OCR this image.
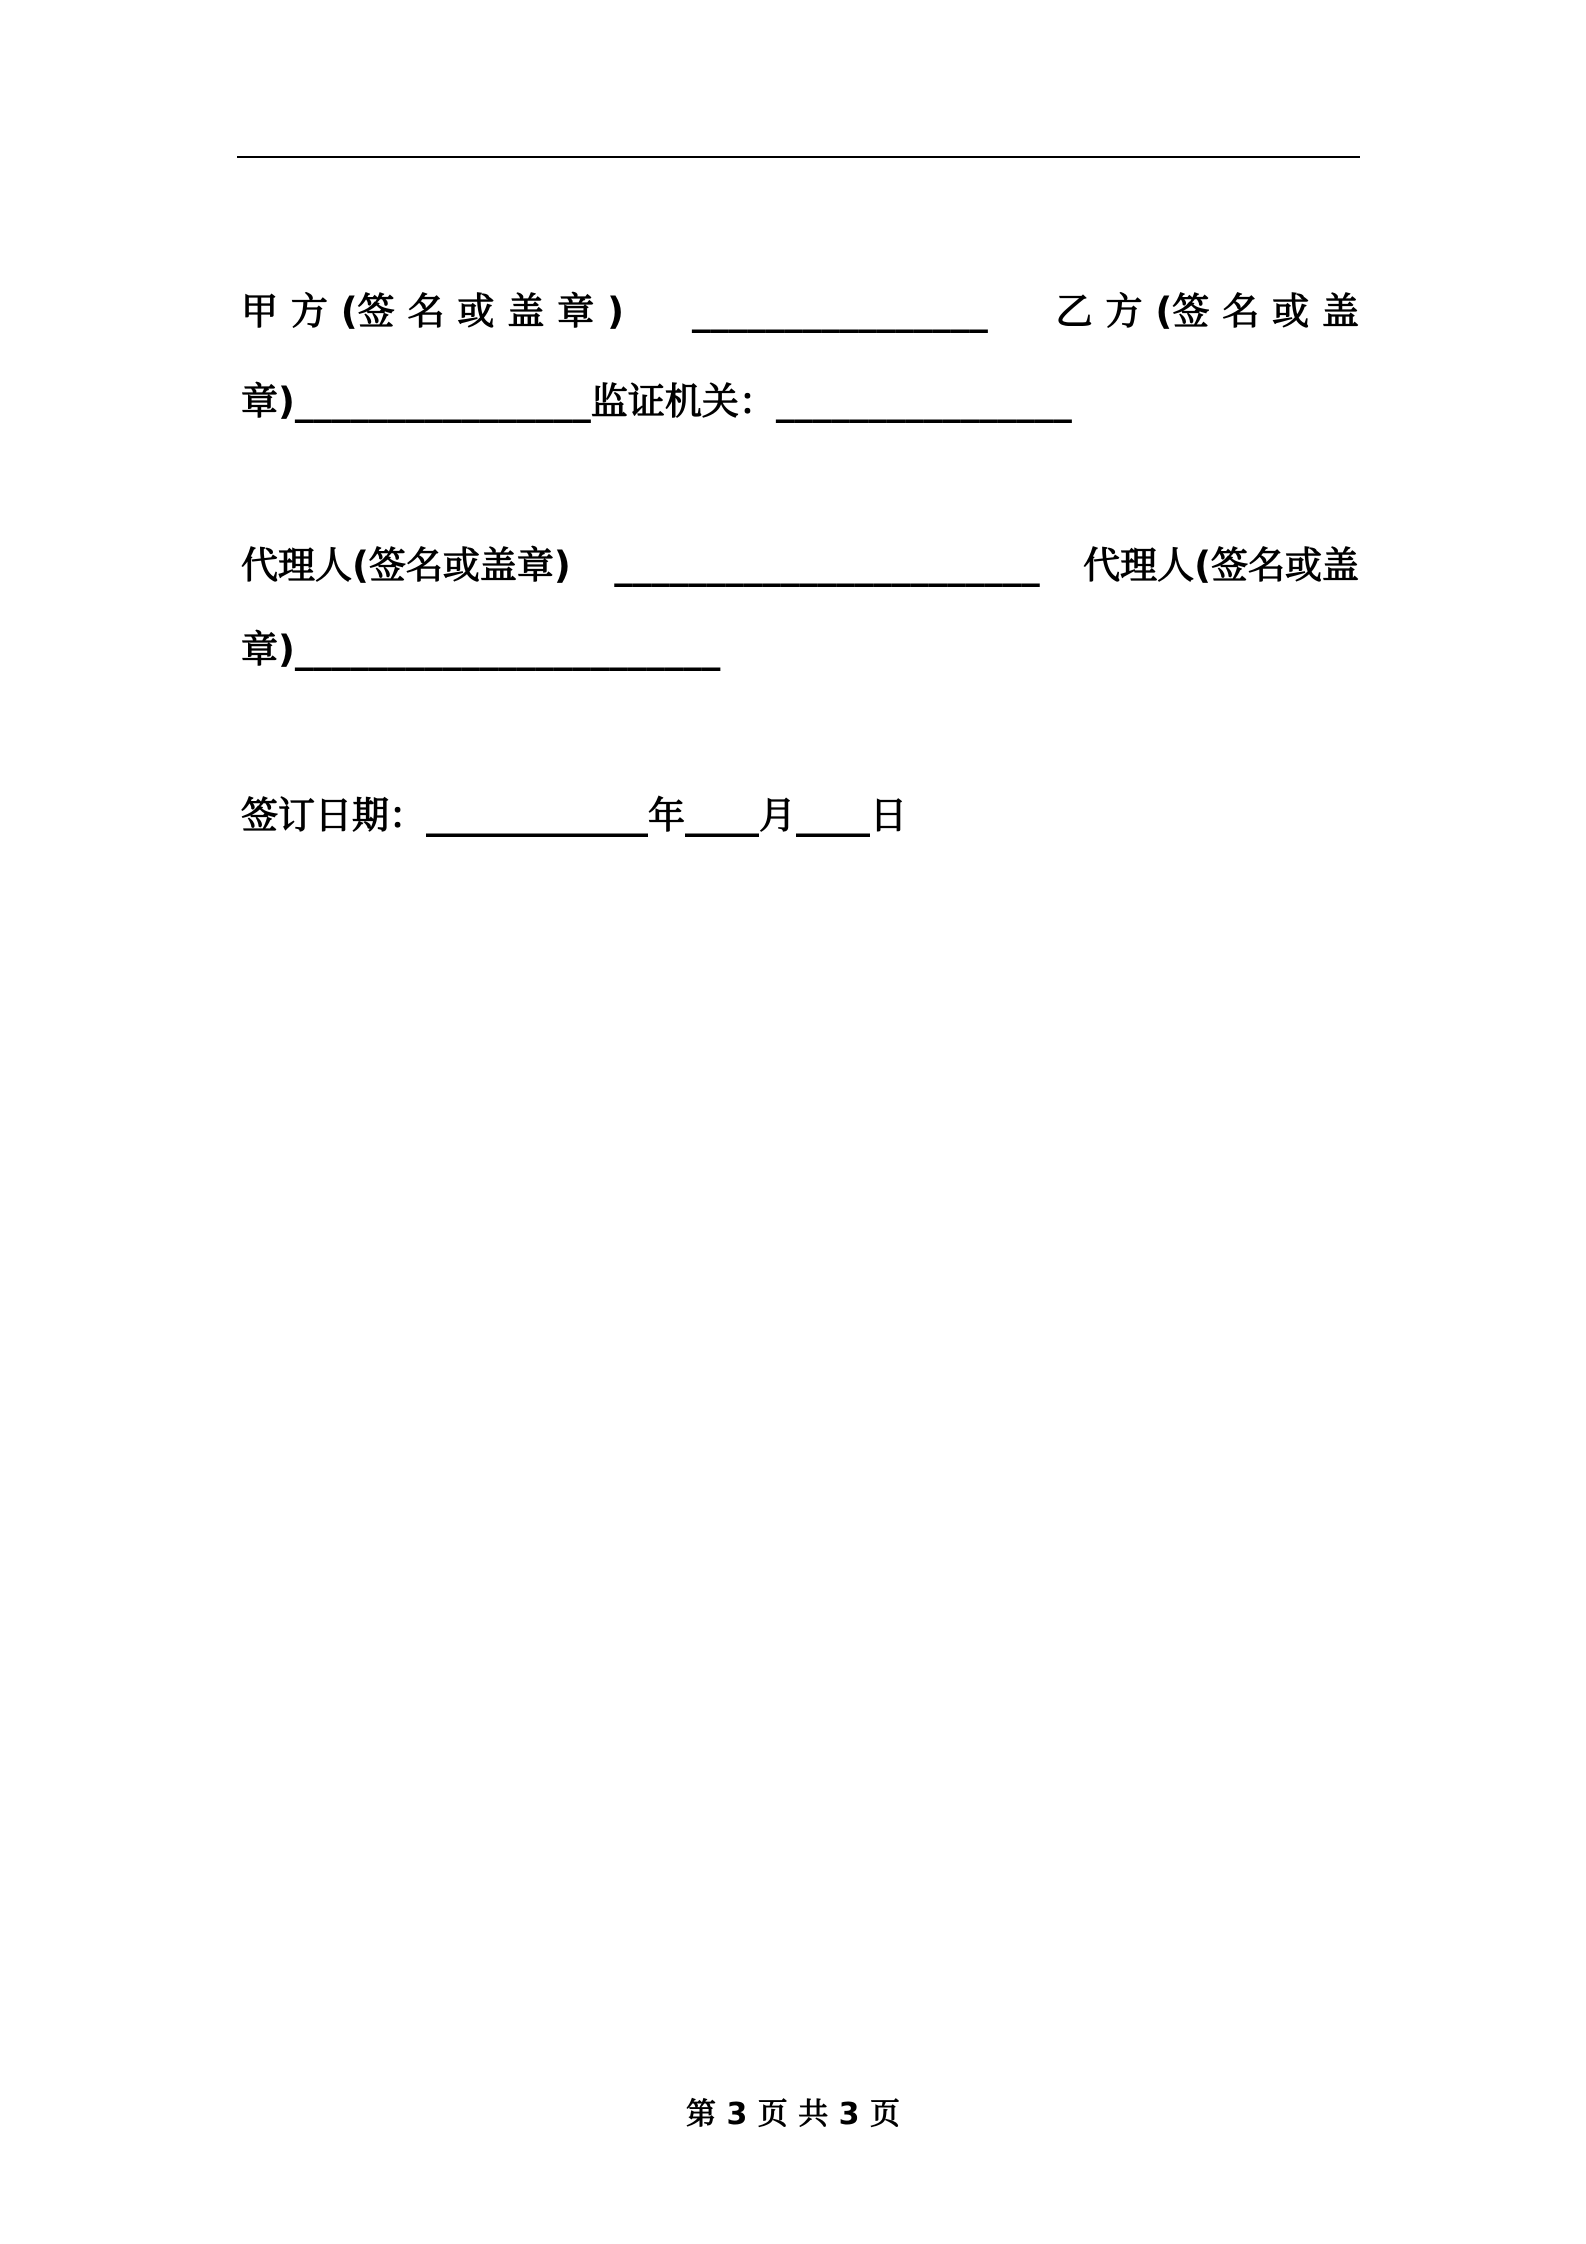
甲 方 (签 名 或 盖 章 ) ________________ 乙 方 (签 名 或 盖
章)________________监证机关：________________
代理人(签名或盖章) _______________________ 代理人(签名或盖
章)_______________________
签订日期：____________年____月____日
第 3 页 共 3 页
